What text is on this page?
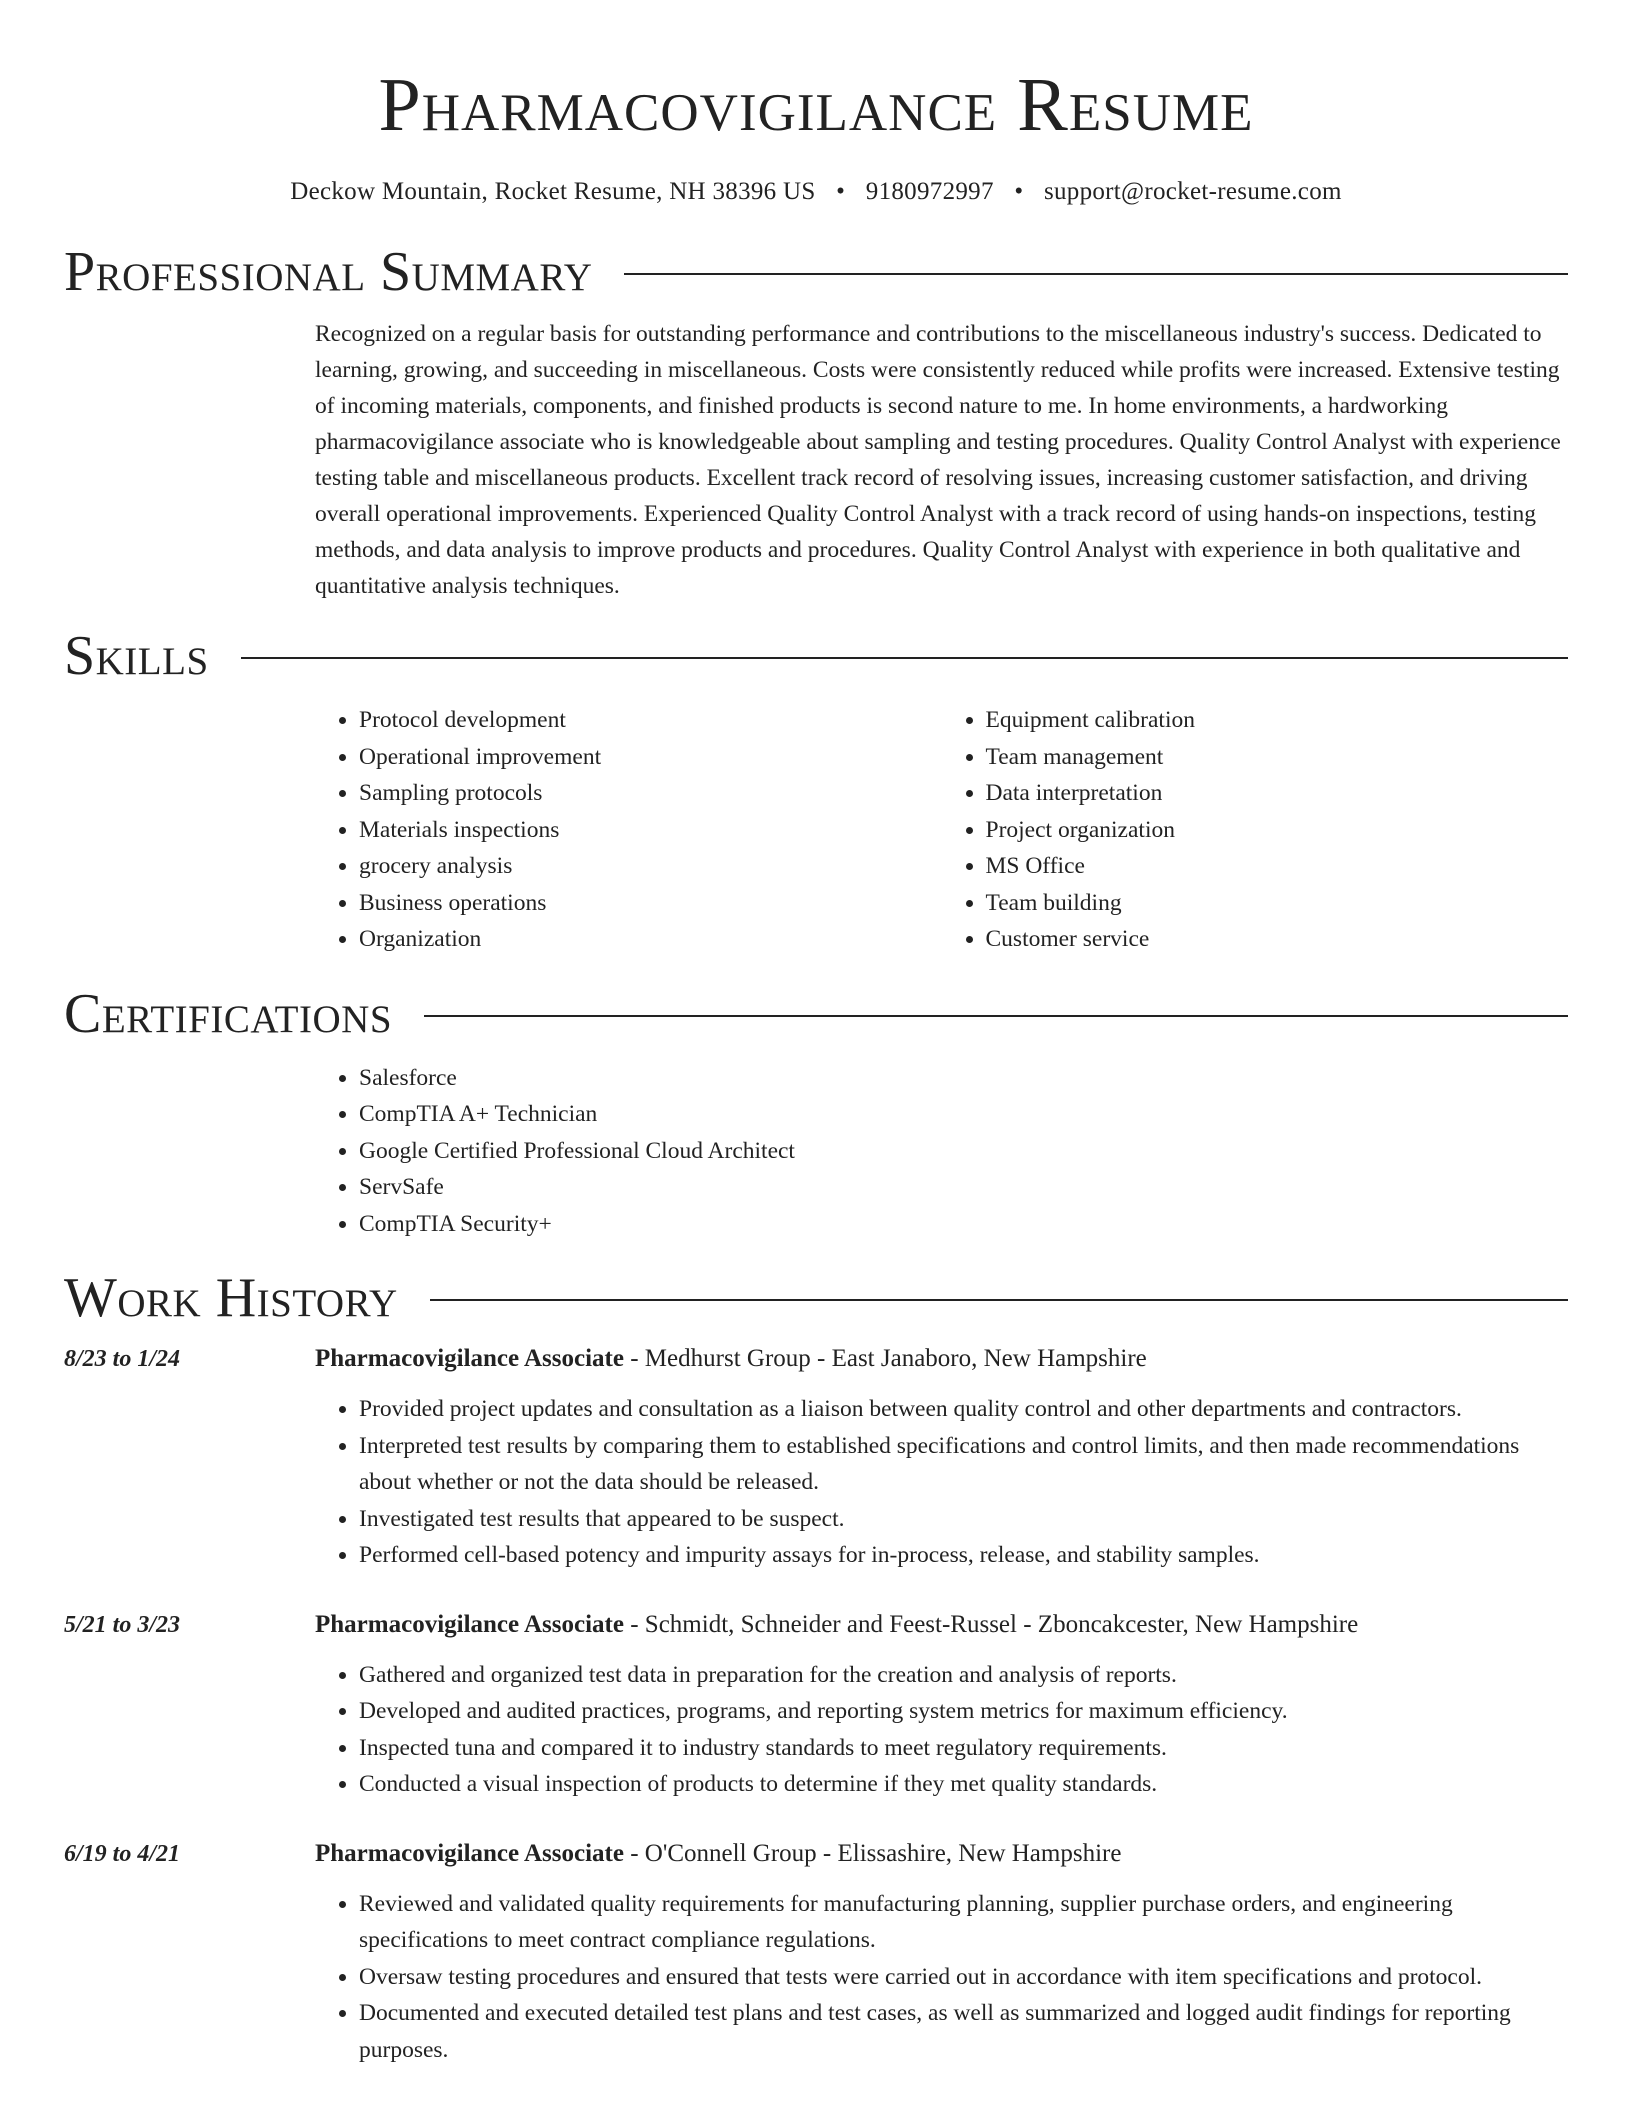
Pharmacovigilance Resume
Deckow Mountain, Rocket Resume, NH 38396 US • 9180972997 • support@rocket-resume.com
Professional Summary

Recognized on a regular basis for outstanding performance and contributions to the miscellaneous industry's success. Dedicated to learning, growing, and succeeding in miscellaneous. Costs were consistently reduced while profits were increased. Extensive testing of incoming materials, components, and finished products is second nature to me. In home environments, a hardworking pharmacovigilance associate who is knowledgeable about sampling and testing procedures. Quality Control Analyst with experience testing table and miscellaneous products. Excellent track record of resolving issues, increasing customer satisfaction, and driving overall operational improvements. Experienced Quality Control Analyst with a track record of using hands-on inspections, testing methods, and data analysis to improve products and procedures. Quality Control Analyst with experience in both qualitative and quantitative analysis techniques.

Skills
• Protocol development
• Operational improvement
• Sampling protocols
• Materials inspections
• grocery analysis
• Business operations
• Organization
• Equipment calibration
• Team management
• Data interpretation
• Project organization
• MS Office
• Team building
• Customer service
Certifications
• Salesforce
• CompTIA A+ Technician
• Google Certified Professional Cloud Architect
• ServSafe
• CompTIA Security+
Work History
8/23 to 1/24	Pharmacovigilance Associate - Medhurst Group - East Janaboro, New Hampshire
• Provided project updates and consultation as a liaison between quality control and other departments and contractors.
• Interpreted test results by comparing them to established specifications and control limits, and then made recommendations about whether or not the data should be released.
• Investigated test results that appeared to be suspect.
• Performed cell-based potency and impurity assays for in-process, release, and stability samples.
5/21 to 3/23	Pharmacovigilance Associate - Schmidt, Schneider and Feest-Russel - Zboncakcester, New Hampshire
• Gathered and organized test data in preparation for the creation and analysis of reports.
• Developed and audited practices, programs, and reporting system metrics for maximum efficiency.
• Inspected tuna and compared it to industry standards to meet regulatory requirements.
• Conducted a visual inspection of products to determine if they met quality standards.
6/19 to 4/21	Pharmacovigilance Associate - O'Connell Group - Elissashire, New Hampshire
• Reviewed and validated quality requirements for manufacturing planning, supplier purchase orders, and engineering specifications to meet contract compliance regulations.
• Oversaw testing procedures and ensured that tests were carried out in accordance with item specifications and protocol.
• Documented and executed detailed test plans and test cases, as well as summarized and logged audit findings for reporting purposes.
